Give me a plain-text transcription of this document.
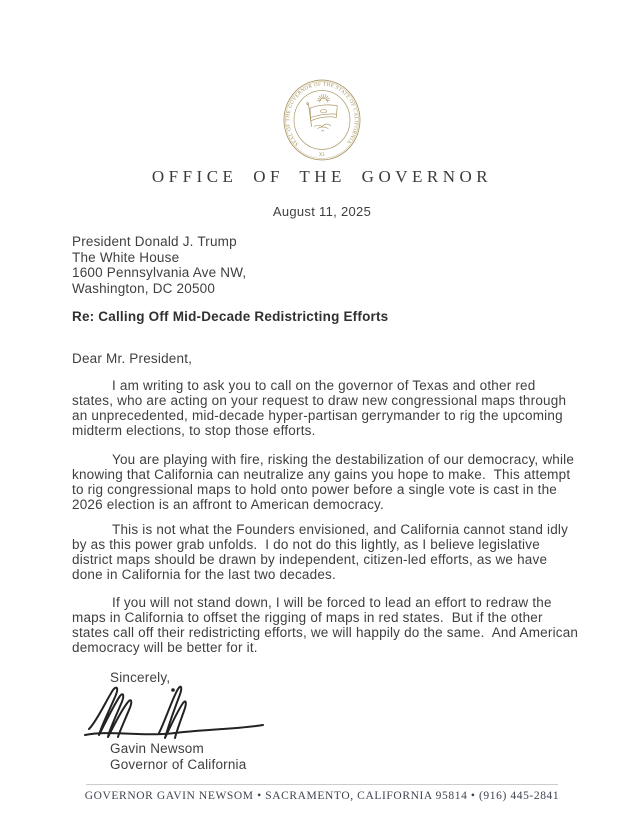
SEAL OF THE GOVERNOR OF THE STATE OF CALIFORNIA
XI.
OFFICE OF THE GOVERNOR
August 11, 2025
President Donald J. Trump
The White House
1600 Pennsylvania Ave NW,
Washington, DC 20500
Re: Calling Off Mid-Decade Redistricting Efforts
Dear Mr. President,
I am writing to ask you to call on the governor of Texas and other red states, who are acting on your request to draw new congressional maps through an unprecedented, mid-decade hyper-partisan gerrymander to rig the upcoming midterm elections, to stop those efforts.
You are playing with fire, risking the destabilization of our democracy, while knowing that California can neutralize any gains you hope to make.  This attempt to rig congressional maps to hold onto power before a single vote is cast in the 2026 election is an affront to American democracy.
This is not what the Founders envisioned, and California cannot stand idly by as this power grab unfolds.  I do not do this lightly, as I believe legislative district maps should be drawn by independent, citizen-led efforts, as we have done in California for the last two decades.
If you will not stand down, I will be forced to lead an effort to redraw the maps in California to offset the rigging of maps in red states.  But if the other states call off their redistricting efforts, we will happily do the same.  And American democracy will be better for it.
Sincerely,
Gavin Newsom
Governor of California
GOVERNOR GAVIN NEWSOM • SACRAMENTO, CALIFORNIA 95814 • (916) 445-2841
